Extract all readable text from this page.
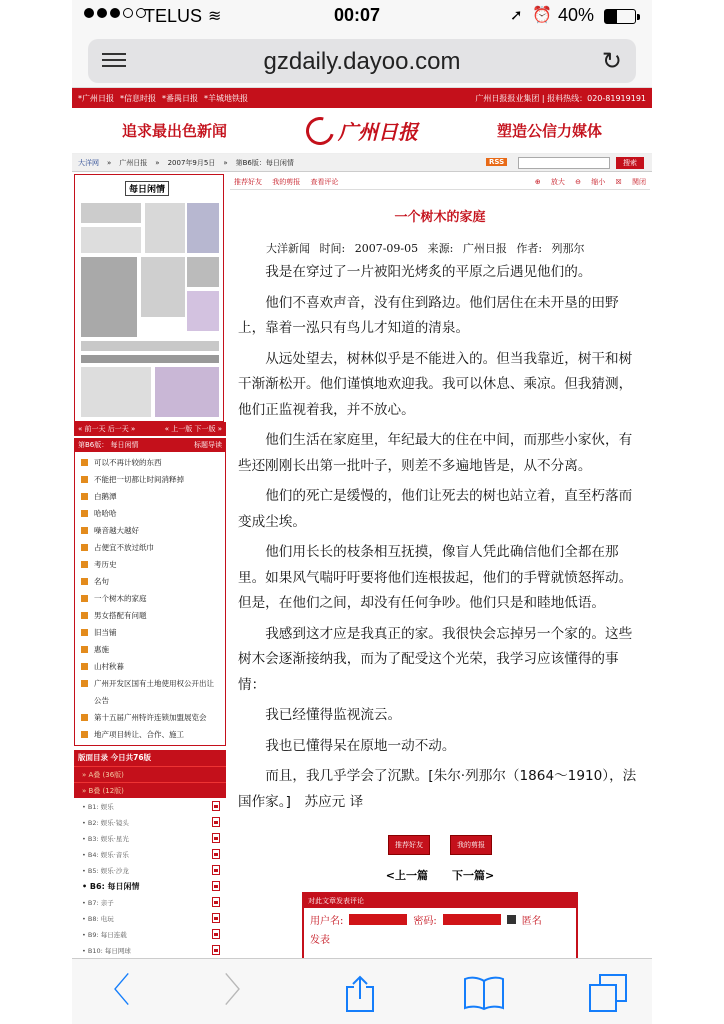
TELUS ≋	00:07	➚ ⏰ 40%
gzdaily.dayoo.com	↻
*广州日报 *信息时报 *番禺日报 *羊城地铁报	广州日报报业集团 | 报料热线：020-81919191
追求最出色新闻	广州日报	塑造公信力媒体
大洋网 » 广州日报 » 2007年9月5日 » 第B6版：每日闲情	RSS	搜索
每日闲情
« 前一天 后一天 »	« 上一版 下一版 »
第B6版： 每日闲情	标题导读
可以不再计较的东西
不能把一切都让时间消释掉
白鹅潭
哈哈哈
噪音越大越好
占便宜不放过纸巾
考历史
名句
一个树木的家庭
男女搭配有问题
旧当铺
惠施
山村秋暮
广州开发区国有土地使用权公开出让公告
第十五届广州特许连锁加盟展览会
地产项目转让、合作、施工
版面目录 今日共76版
» A叠 (36版)
» B叠 (12版)
• B1: 娱乐
• B2: 娱乐·镜头
• B3: 娱乐·星光
• B4: 娱乐·音乐
• B5: 娱乐·沙龙
• B6: 每日闲情
• B7: 亲子
• B8: 电玩
• B9: 每日连载
• B10: 每日网球
推荐好友 我的剪报 查看评论	⊕ 放大 ⊖ 缩小 ☒ 関闭
一个树木的家庭
大洋新闻 时间: 2007-09-05 来源: 广州日报 作者: 列那尔

我是在穿过了一片被阳光烤炙的平原之后遇见他们的。

他们不喜欢声音，没有住到路边。他们居住在未开垦的田野上，靠着一泓只有鸟儿才知道的清泉。

从远处望去，树林似乎是不能进入的。但当我靠近，树干和树干渐渐松开。他们谨慎地欢迎我。我可以休息、乘凉。但我猜测，他们正监视着我，并不放心。

他们生活在家庭里，年纪最大的住在中间，而那些小家伙，有些还刚刚长出第一批叶子，则差不多遍地皆是，从不分离。

他们的死亡是缓慢的，他们让死去的树也站立着，直至朽落而变成尘埃。

他们用长长的枝条相互抚摸，像盲人凭此确信他们全都在那里。如果风气喘吁吁要将他们连根拔起，他们的手臂就愤怒挥动。但是，在他们之间，却没有任何争吵。他们只是和睦地低语。

我感到这才应是我真正的家。我很快会忘掉另一个家的。这些树木会逐渐接纳我，而为了配受这个光荣，我学习应该懂得的事情：

我已经懂得监视流云。

我也已懂得呆在原地一动不动。

而且，我几乎学会了沉默。[朱尔·列那尔（1864～1910），法国作家。]　苏应元 译

推荐好友	我的剪报
<上一篇 下一篇>
对此文章发表评论
用户名:	密码:	匿名
发表
〈	〉
